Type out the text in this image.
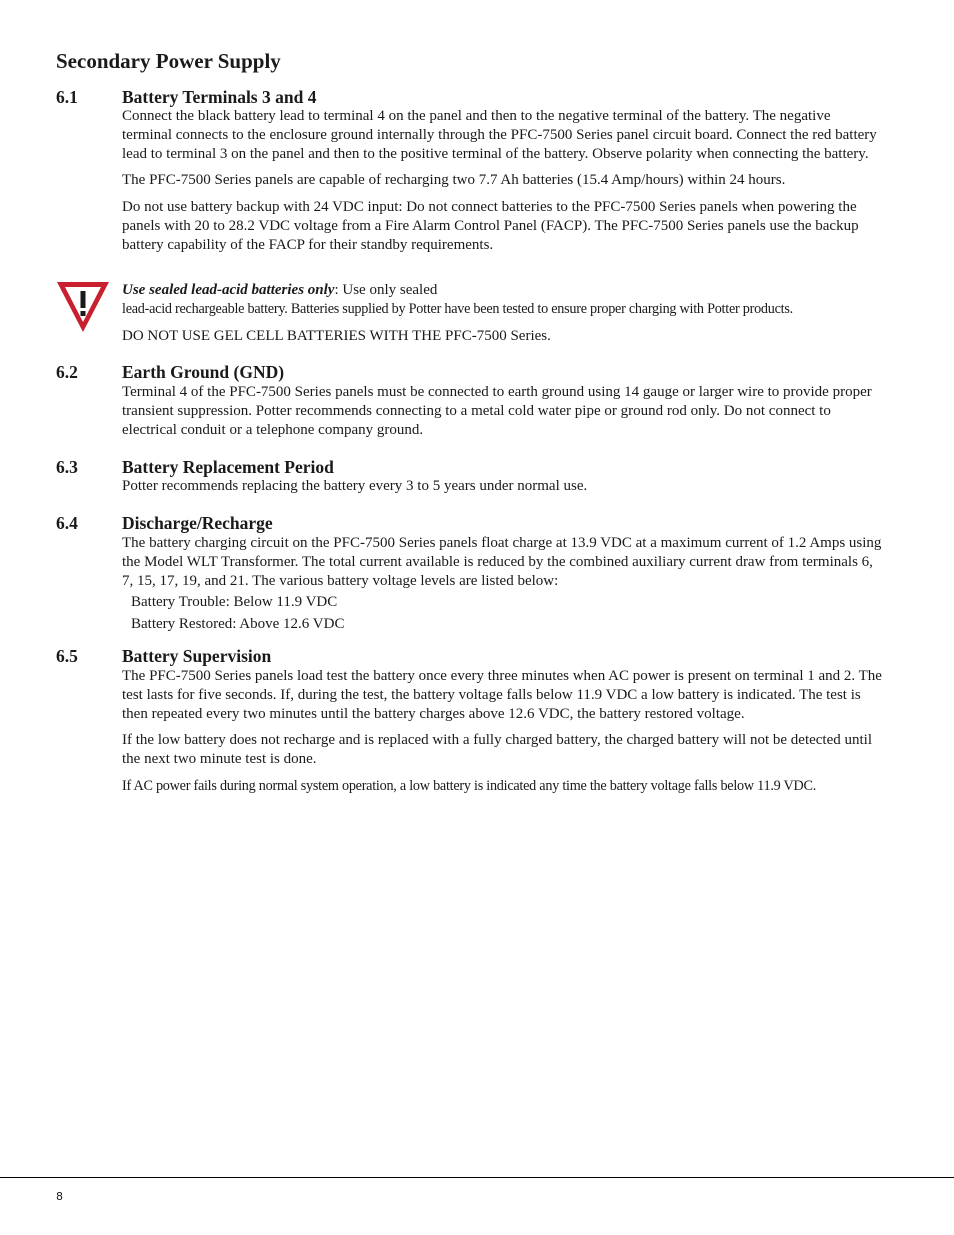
Secondary Power Supply
6.1	Battery Terminals 3 and 4

Connect the black battery lead to terminal 4 on the panel and then to the negative terminal of the battery. The negative terminal connects to the enclosure ground internally through the PFC-7500 Series panel circuit board. Connect the red battery lead to terminal 3 on the panel and then to the positive terminal of the battery. Observe polarity when connecting the battery.

The PFC-7500 Series panels are capable of recharging two 7.7 Ah batteries (15.4 Amp/hours) within 24 hours.

Do not use battery backup with 24 VDC input: Do not connect batteries to the PFC-7500 Series panels when powering the panels with 20 to 28.2 VDC voltage from a Fire Alarm Control Panel (FACP). The PFC-7500 Series panels use the backup battery capability of the FACP for their standby requirements.

Use sealed lead-acid batteries only: Use only sealed

lead-acid rechargeable battery. Batteries supplied by Potter have been tested to ensure proper charging with Potter products.

DO NOT USE GEL CELL BATTERIES WITH THE PFC-7500 Series.

6.2	Earth Ground (GND)

Terminal 4 of the PFC-7500 Series panels must be connected to earth ground using 14 gauge or larger wire to provide proper transient suppression. Potter recommends connecting to a metal cold water pipe or ground rod only. Do not connect to electrical conduit or a telephone company ground.

6.3	Battery Replacement Period

Potter recommends replacing the battery every 3 to 5 years under normal use.

6.4	Discharge/Recharge

The battery charging circuit on the PFC-7500 Series panels float charge at 13.9 VDC at a maximum current of 1.2 Amps using the Model WLT Transformer. The total current available is reduced by the combined auxiliary current draw from terminals 6, 7, 15, 17, 19, and 21. The various battery voltage levels are listed below:

Battery Trouble: Below 11.9 VDC

Battery Restored: Above 12.6 VDC

6.5	Battery Supervision

The PFC-7500 Series panels load test the battery once every three minutes when AC power is present on terminal 1 and 2. The test lasts for five seconds. If, during the test, the battery voltage falls below 11.9 VDC a low battery is indicated. The test is then repeated every two minutes until the battery charges above 12.6 VDC, the battery restored voltage.

If the low battery does not recharge and is replaced with a fully charged battery, the charged battery will not be detected until the next two minute test is done.

If AC power fails during normal system operation, a low battery is indicated any time the battery voltage falls below 11.9 VDC.

8
